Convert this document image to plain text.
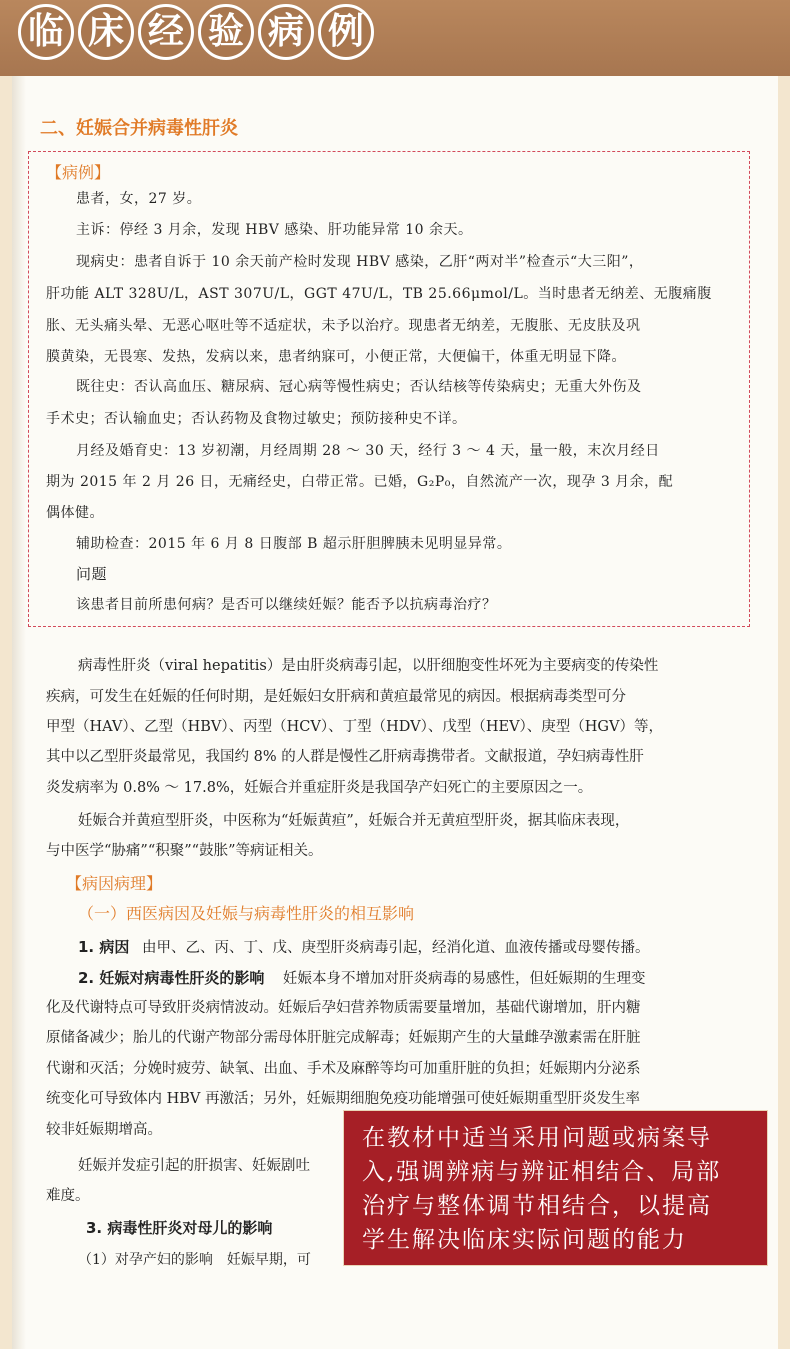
临 床 经 验 病 例
二、妊娠合并病毒性肝炎
【病例】
患者，女，27 岁。
主诉：停经 3 月余，发现 HBV 感染、肝功能异常 10 余天。
现病史：患者自诉于 10 余天前产检时发现 HBV 感染，乙肝“两对半”检查示“大三阳”，
肝功能 ALT 328U/L，AST 307U/L，GGT 47U/L，TB 25.66μmol/L。当时患者无纳差、无腹痛腹
胀、无头痛头晕、无恶心呕吐等不适症状，未予以治疗。现患者无纳差，无腹胀、无皮肤及巩
膜黄染，无畏寒、发热，发病以来，患者纳寐可，小便正常，大便偏干，体重无明显下降。
既往史：否认高血压、糖尿病、冠心病等慢性病史；否认结核等传染病史；无重大外伤及
手术史；否认输血史；否认药物及食物过敏史；预防接种史不详。
月经及婚育史：13 岁初潮，月经周期 28 ～ 30 天，经行 3 ～ 4 天，量一般，末次月经日
期为 2015 年 2 月 26 日，无痛经史，白带正常。已婚，G₂P₀，自然流产一次，现孕 3 月余，配
偶体健。
辅助检查：2015 年 6 月 8 日腹部 B 超示肝胆脾胰未见明显异常。
问题
该患者目前所患何病？是否可以继续妊娠？能否予以抗病毒治疗？
病毒性肝炎（viral hepatitis）是由肝炎病毒引起，以肝细胞变性坏死为主要病变的传染性
疾病，可发生在妊娠的任何时期，是妊娠妇女肝病和黄疸最常见的病因。根据病毒类型可分
甲型（HAV）、乙型（HBV）、丙型（HCV）、丁型（HDV）、戊型（HEV）、庚型（HGV）等，
其中以乙型肝炎最常见，我国约 8% 的人群是慢性乙肝病毒携带者。文献报道，孕妇病毒性肝
炎发病率为 0.8% ～ 17.8%，妊娠合并重症肝炎是我国孕产妇死亡的主要原因之一。
妊娠合并黄疸型肝炎，中医称为“妊娠黄疸”，妊娠合并无黄疸型肝炎，据其临床表现，
与中医学“胁痛”“积聚”“鼓胀”等病证相关。
【病因病理】
（一）西医病因及妊娠与病毒性肝炎的相互影响
1. 病因 由甲、乙、丙、丁、戊、庚型肝炎病毒引起，经消化道、血液传播或母婴传播。
2. 妊娠对病毒性肝炎的影响 妊娠本身不增加对肝炎病毒的易感性，但妊娠期的生理变
化及代谢特点可导致肝炎病情波动。妊娠后孕妇营养物质需要量增加，基础代谢增加，肝内糖
原储备减少；胎儿的代谢产物部分需母体肝脏完成解毒；妊娠期产生的大量雌孕激素需在肝脏
代谢和灭活；分娩时疲劳、缺氧、出血、手术及麻醉等均可加重肝脏的负担；妊娠期内分泌系
统变化可导致体内 HBV 再激活；另外，妊娠期细胞免疫功能增强可使妊娠期重型肝炎发生率
较非妊娠期增高。
妊娠并发症引起的肝损害、妊娠剧吐
难度。
3. 病毒性肝炎对母儿的影响
（1）对孕产妇的影响　妊娠早期，可
在教材中适当采用问题或病案导
入,强调辨病与辨证相结合、局部
治疗与整体调节相结合，以提高
学生解决临床实际问题的能力
